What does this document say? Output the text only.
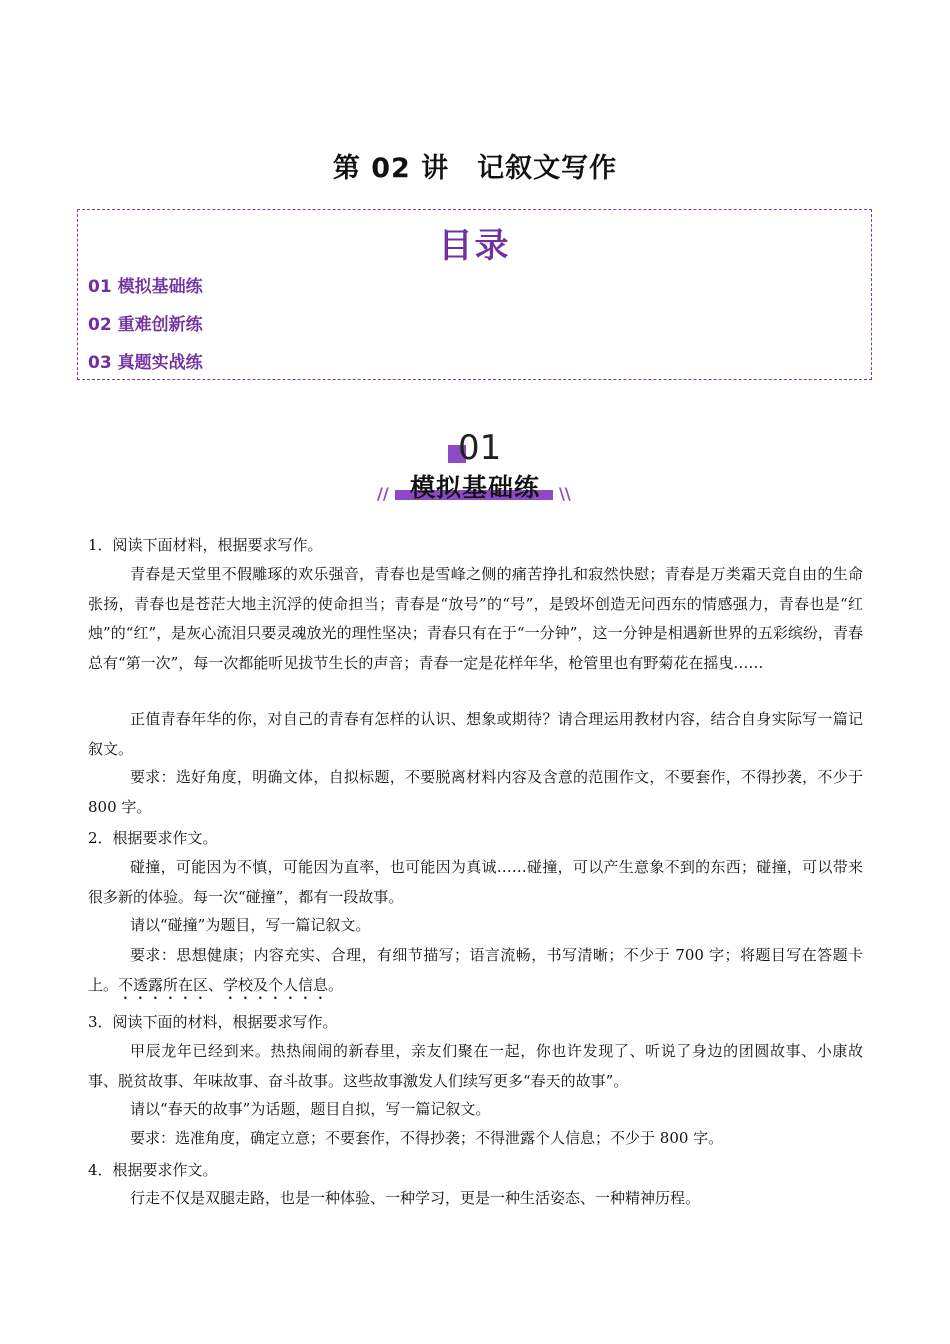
第 02 讲　记叙文写作
目录
01 模拟基础练
02 重难创新练
03 真题实战练
01
//	\\
模拟基础练
1．阅读下面材料，根据要求写作。
青春是天堂里不假雕琢的欢乐强音，青春也是雪峰之侧的痛苦挣扎和寂然快慰；青春是万类霜天竞自由的生命张扬，青春也是苍茫大地主沉浮的使命担当；青春是“放号”的“号”，是毁坏创造无问西东的情感强力，青春也是“红烛”的“红”，是灰心流泪只要灵魂放光的理性坚决；青春只有在于“一分钟”，这一分钟是相遇新世界的五彩缤纷，青春总有“第一次”，每一次都能听见拔节生长的声音；青春一定是花样年华，枪管里也有野菊花在摇曳……
正值青春年华的你，对自己的青春有怎样的认识、想象或期待？请合理运用教材内容，结合自身实际写一篇记叙文。
要求：选好角度，明确文体，自拟标题，不要脱离材料内容及含意的范围作文，不要套作，不得抄袭，不少于 800 字。
2．根据要求作文。
碰撞，可能因为不慎，可能因为直率，也可能因为真诚……碰撞，可以产生意象不到的东西；碰撞，可以带来很多新的体验。每一次“碰撞”，都有一段故事。
请以“碰撞”为题目，写一篇记叙文。
要求：思想健康；内容充实、合理，有细节描写；语言流畅，书写清晰；不少于 700 字；将题目写在答题卡上。不透露所在区、学校及个人信息。
3．阅读下面的材料，根据要求写作。
甲辰龙年已经到来。热热闹闹的新春里，亲友们聚在一起，你也许发现了、听说了身边的团圆故事、小康故事、脱贫故事、年味故事、奋斗故事。这些故事激发人们续写更多“春天的故事”。
请以“春天的故事”为话题，题目自拟，写一篇记叙文。
要求：选准角度，确定立意；不要套作，不得抄袭；不得泄露个人信息；不少于 800 字。
4．根据要求作文。
行走不仅是双腿走路，也是一种体验、一种学习，更是一种生活姿态、一种精神历程。
